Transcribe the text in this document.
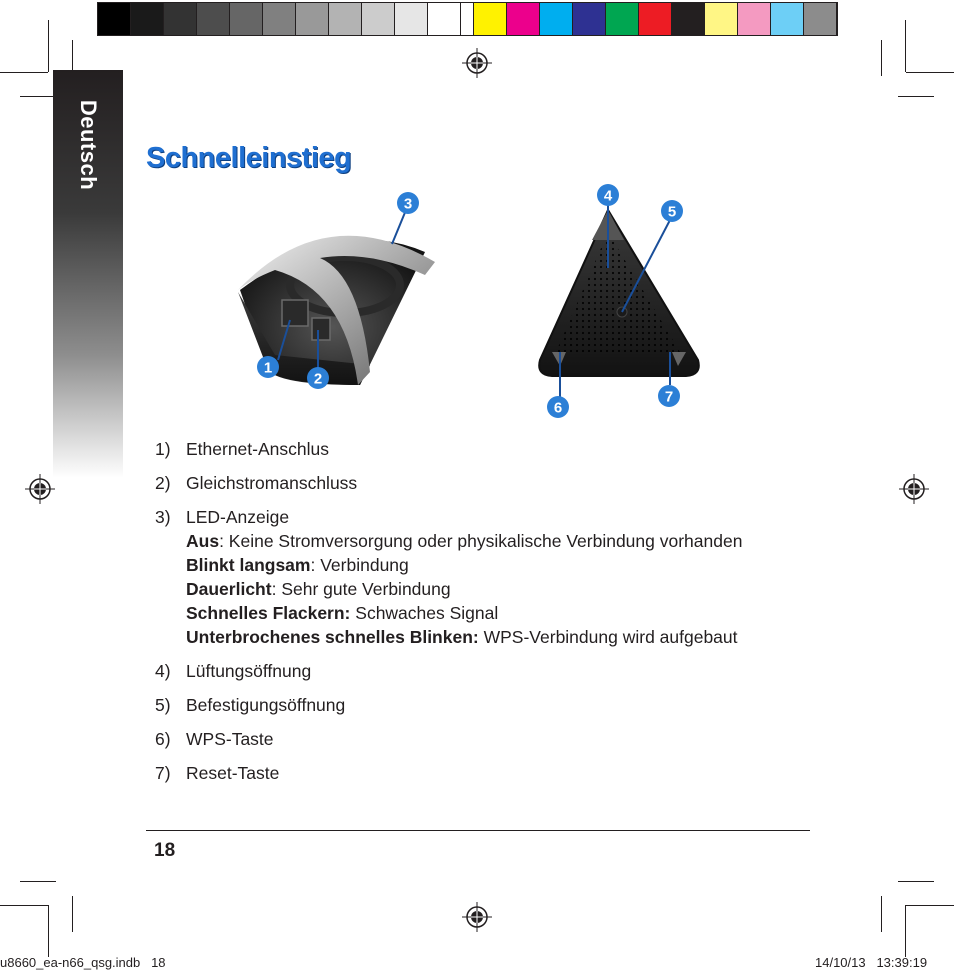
Deutsch Schnelleinstieg
3
1
2
4
5
6
7
1) Ethernet-Anschlus
2) Gleichstromanschluss
3) LED-Anzeige
Aus: Keine Stromversorgung oder physikalische Verbindung vorhanden
Blinkt langsam: Verbindung
Dauerlicht: Sehr gute Verbindung
Schnelles Flackern: Schwaches Signal
Unterbrochenes schnelles Blinken: WPS-Verbindung wird aufgebaut
4) Lüftungsöffnung
5) Befestigungsöffnung
6) WPS-Taste
7) Reset-Taste
18
u8660_ea-n66_qsg.indb   18	14/10/13   13:39:19
